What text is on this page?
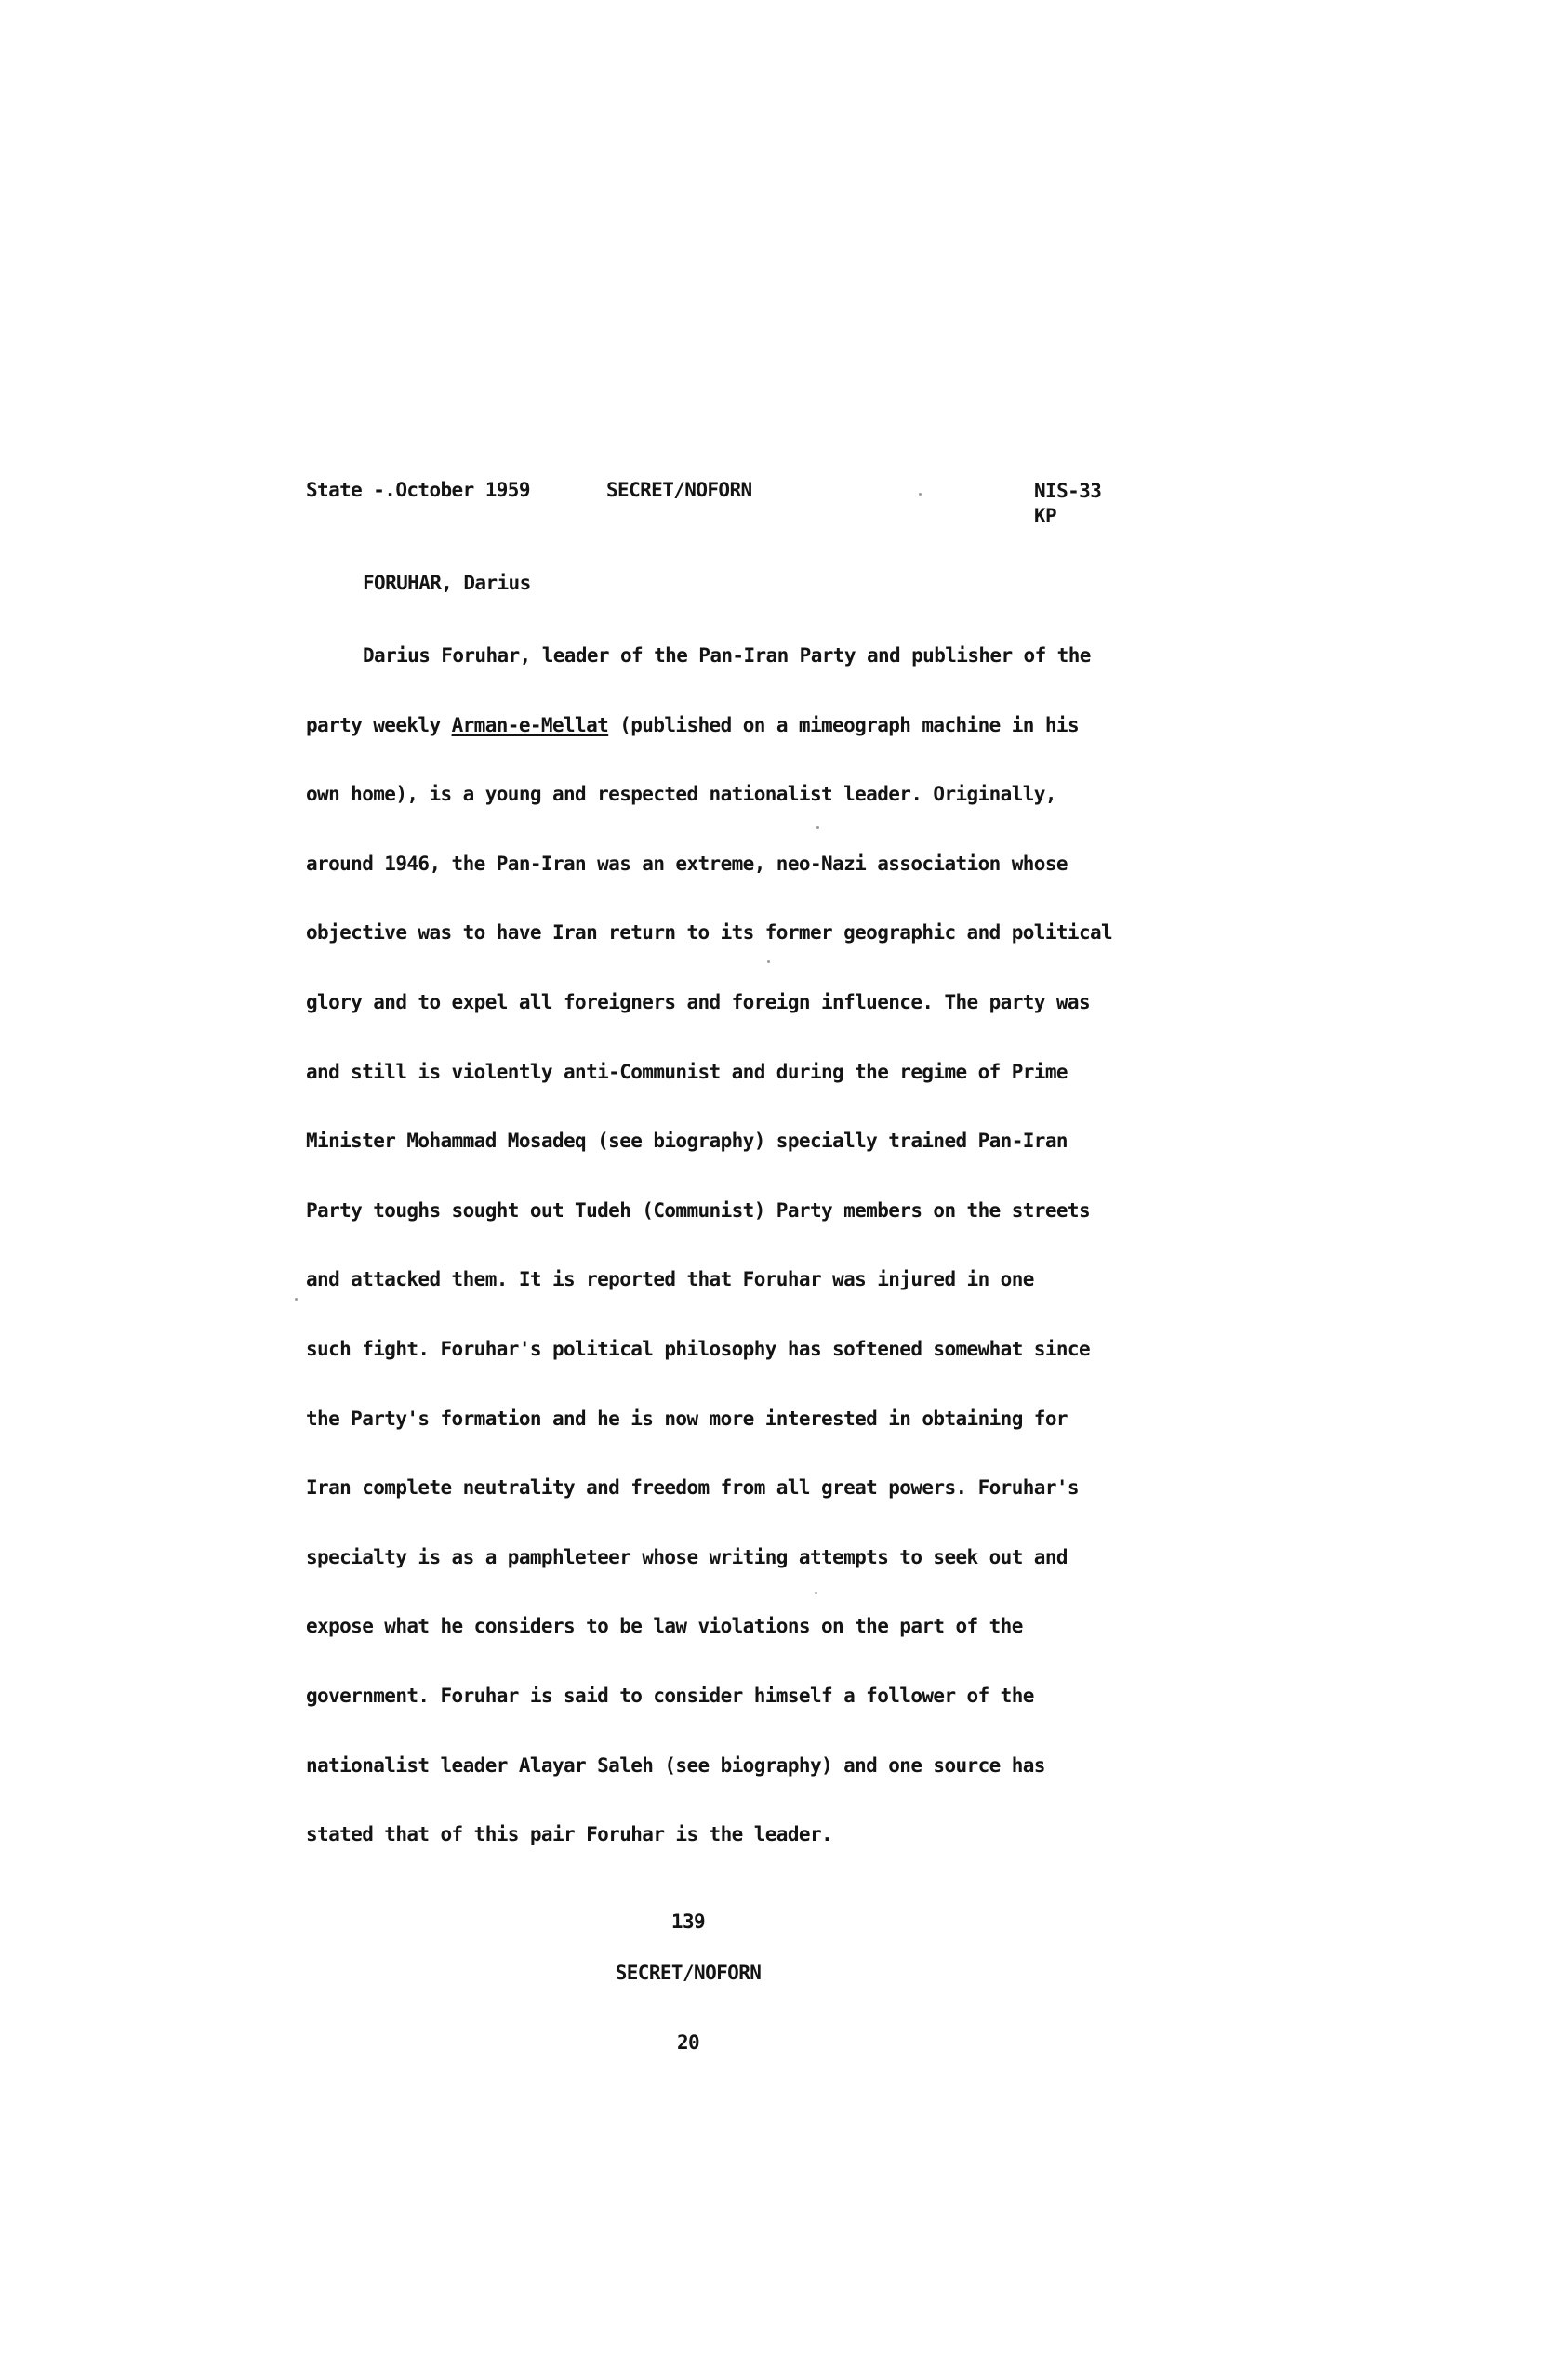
State -.October 1959	SECRET/NOFORN	NIS-33
KP
FORUHAR, Darius
Darius Foruhar, leader of the Pan-Iran Party and publisher of the
party weekly Arman-e-Mellat (published on a mimeograph machine in his
own home), is a young and respected nationalist leader. Originally,
around 1946, the Pan-Iran was an extreme, neo-Nazi association whose
objective was to have Iran return to its former geographic and political
glory and to expel all foreigners and foreign influence. The party was
and still is violently anti-Communist and during the regime of Prime
Minister Mohammad Mosadeq (see biography) specially trained Pan-Iran
Party toughs sought out Tudeh (Communist) Party members on the streets
and attacked them. It is reported that Foruhar was injured in one
such fight. Foruhar's political philosophy has softened somewhat since
the Party's formation and he is now more interested in obtaining for
Iran complete neutrality and freedom from all great powers. Foruhar's
specialty is as a pamphleteer whose writing attempts to seek out and
expose what he considers to be law violations on the part of the
government. Foruhar is said to consider himself a follower of the
nationalist leader Alayar Saleh (see biography) and one source has
stated that of this pair Foruhar is the leader.
139
SECRET/NOFORN
20
